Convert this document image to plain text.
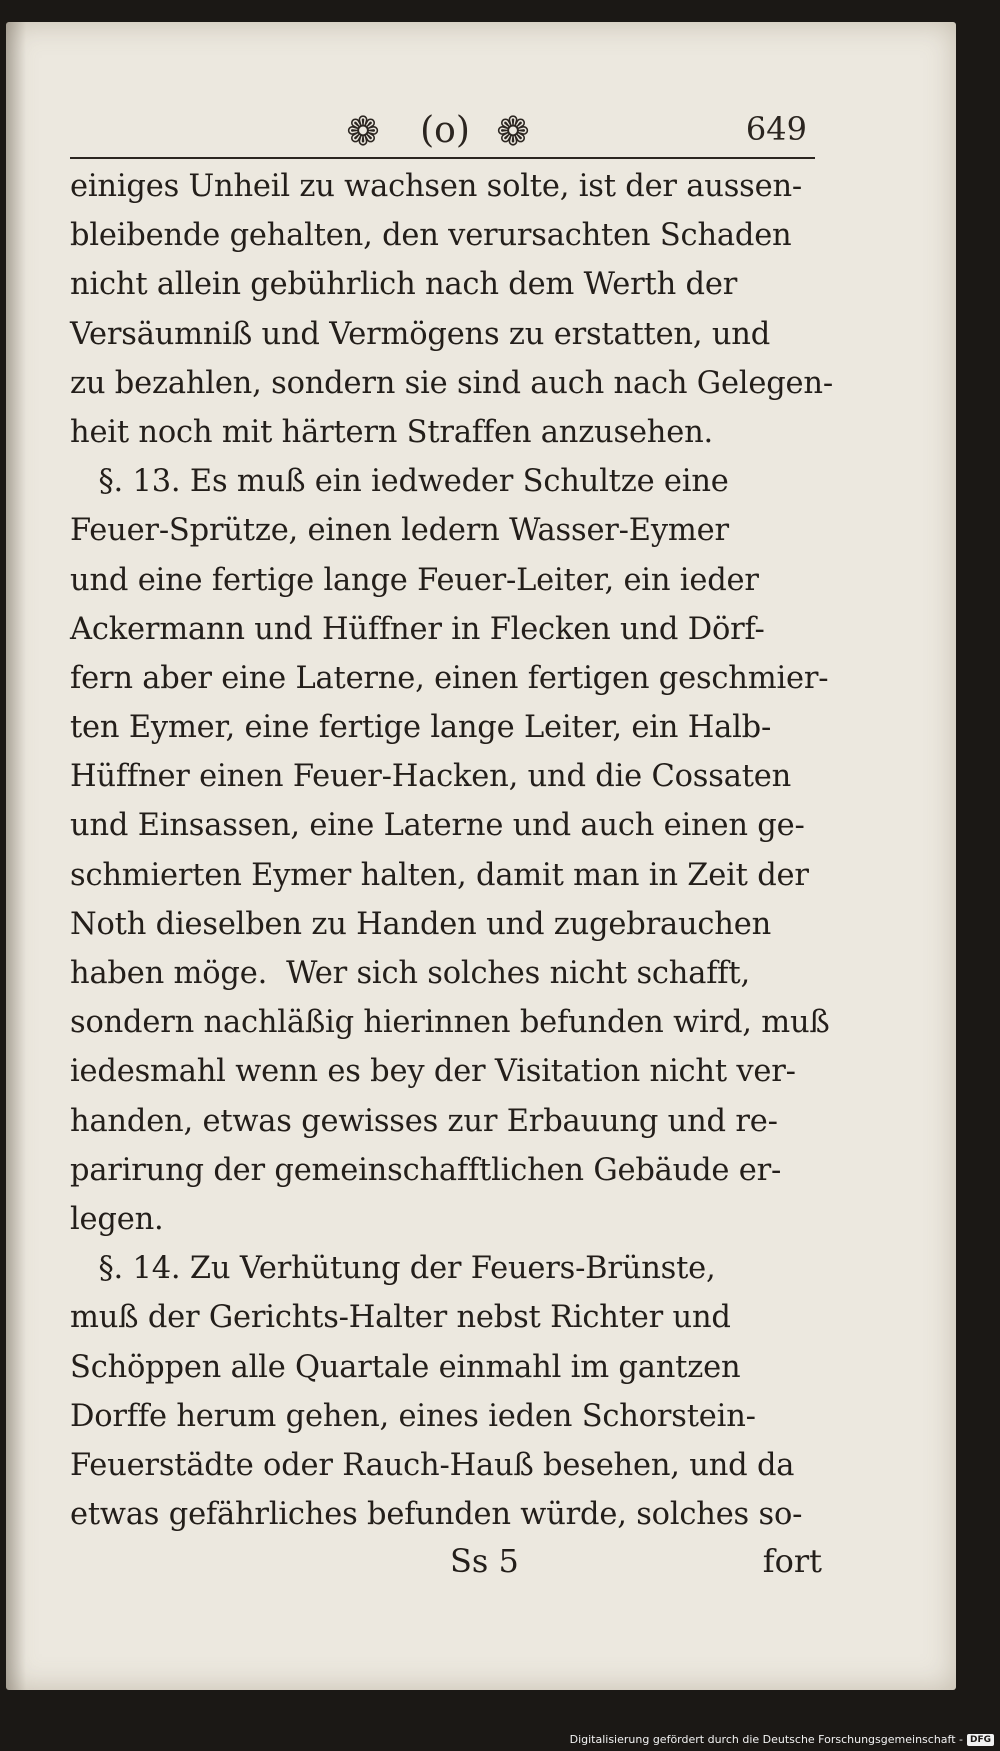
❁	(o) ❁	649
einiges Unheil zu wachsen solte, ist der aussen-
bleibende gehalten, den verursachten Schaden
nicht allein gebührlich nach dem Werth der
Versäumniß und Vermögens zu erstatten, und
zu bezahlen, sondern sie sind auch nach Gelegen-
heit noch mit härtern Straffen anzusehen.
§. 13. Es muß ein iedweder Schultze eine
Feuer-Sprütze, einen ledern Wasser-Eymer
und eine fertige lange Feuer-Leiter, ein ieder
Ackermann und Hüffner in Flecken und Dörf-
fern aber eine Laterne, einen fertigen geschmier-
ten Eymer, eine fertige lange Leiter, ein Halb-
Hüffner einen Feuer-Hacken, und die Cossaten
und Einsassen, eine Laterne und auch einen ge-
schmierten Eymer halten, damit man in Zeit der
Noth dieselben zu Handen und zugebrauchen
haben möge.  Wer sich solches nicht schafft,
sondern nachläßig hierinnen befunden wird, muß
iedesmahl wenn es bey der Visitation nicht ver-
handen, etwas gewisses zur Erbauung und re-
parirung der gemeinschafftlichen Gebäude er-
legen.
§. 14. Zu Verhütung der Feuers-Brünste,
muß der Gerichts-Halter nebst Richter und
Schöppen alle Quartale einmahl im gantzen
Dorffe herum gehen, eines ieden Schorstein-
Feuerstädte oder Rauch-Hauß besehen, und da
etwas gefährliches befunden würde, solches so-
Ss 5	fort
Digitalisierung gefördert durch die Deutsche Forschungsgemeinschaft - DFG
